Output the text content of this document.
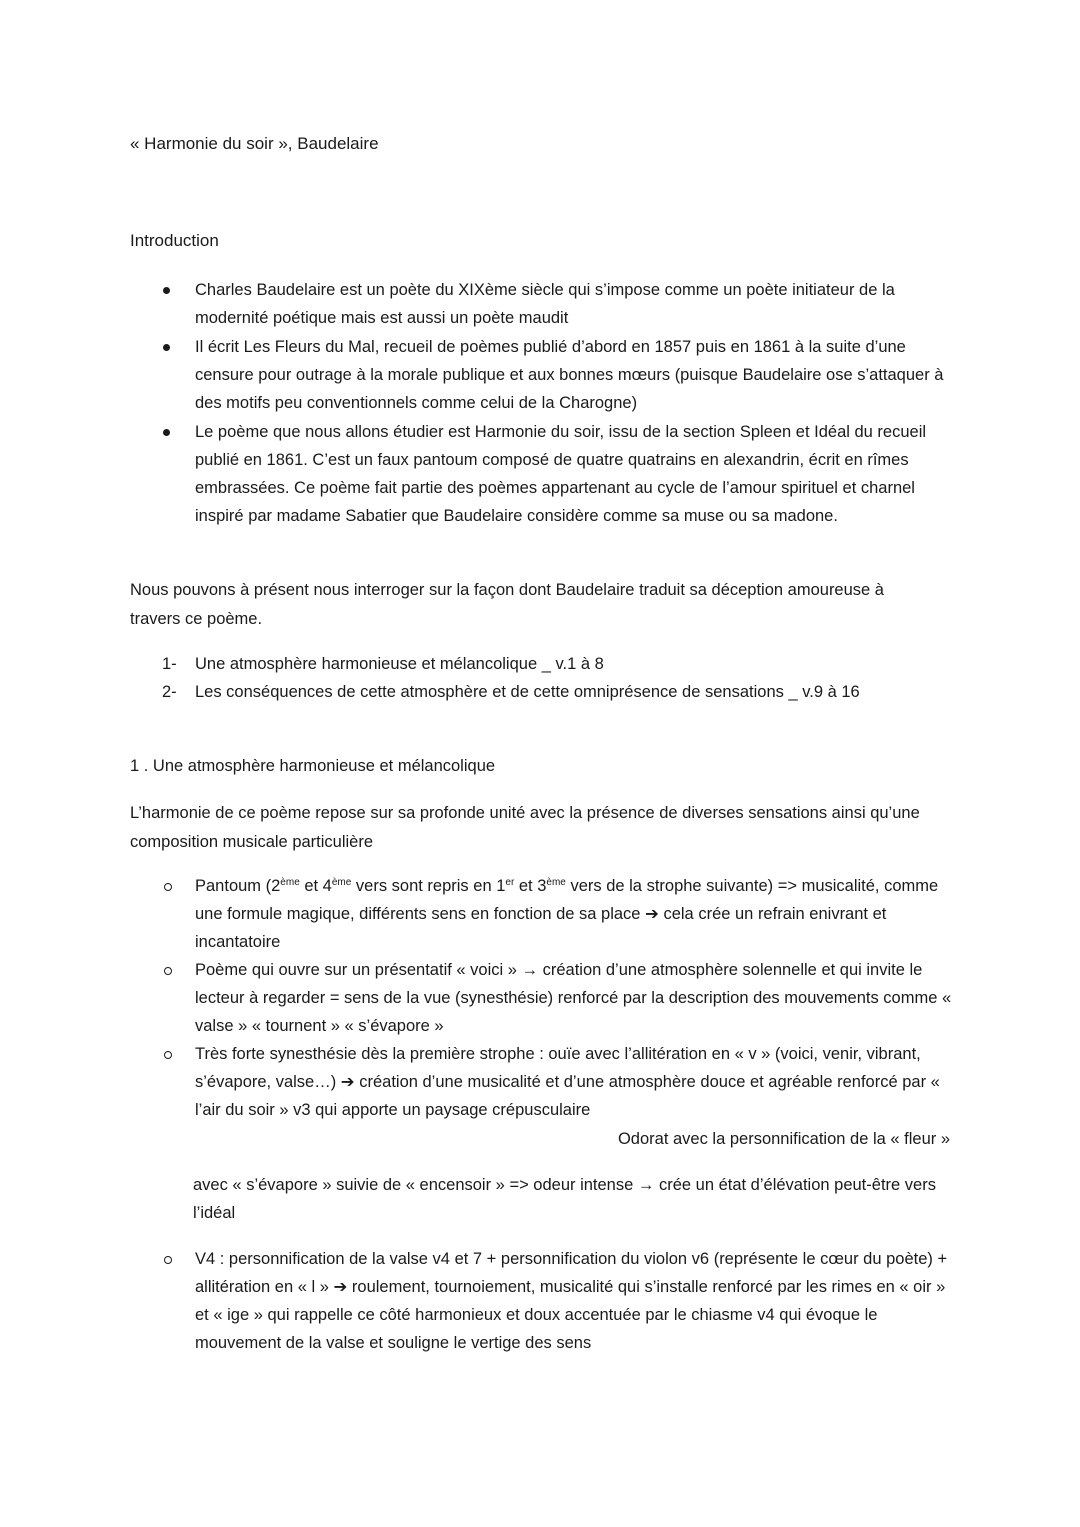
« Harmonie du soir », Baudelaire
Introduction
Charles Baudelaire est un poète du XIXème siècle qui s’impose comme un poète initiateur de la modernité poétique mais est aussi un poète maudit
Il écrit Les Fleurs du Mal, recueil de poèmes publié d’abord en 1857 puis en 1861 à la suite d’une censure pour outrage à la morale publique et aux bonnes mœurs (puisque Baudelaire ose s’attaquer à des motifs peu conventionnels comme celui de la Charogne)
Le poème que nous allons étudier est Harmonie du soir, issu de la section Spleen et Idéal du recueil publié en 1861. C’est un faux pantoum composé de quatre quatrains en alexandrin, écrit en rîmes embrassées. Ce poème fait partie des poèmes appartenant au cycle de l’amour spirituel et charnel inspiré par madame Sabatier que Baudelaire considère comme sa muse ou sa madone.
Nous pouvons à présent nous interroger sur la façon dont Baudelaire traduit sa déception amoureuse à travers ce poème.
1- Une atmosphère harmonieuse et mélancolique _ v.1 à 8
2- Les conséquences de cette atmosphère et de cette omniprésence de sensations _ v.9 à 16
1 . Une atmosphère harmonieuse et mélancolique
L’harmonie de ce poème repose sur sa profonde unité avec la présence de diverses sensations ainsi qu’une composition musicale particulière
Pantoum (2ème et 4ème vers sont repris en 1er et 3ème vers de la strophe suivante) => musicalité, comme une formule magique, différents sens en fonction de sa place ➔ cela crée un refrain enivrant et incantatoire
Poème qui ouvre sur un présentatif « voici » → création d’une atmosphère solennelle et qui invite le lecteur à regarder = sens de la vue (synesthésie) renforcé par la description des mouvements comme « valse » « tournent » « s’évapore »
Très forte synesthésie dès la première strophe : ouïe avec l’allitération en « v » (voici, venir, vibrant, s’évapore, valse…) ➔ création d’une musicalité et d’une atmosphère douce et agréable renforcé par « l’air du soir » v3 qui apporte un paysage crépusculaire
Odorat avec la personnification de la « fleur »
avec « s’évapore » suivie de « encensoir » => odeur intense → crée un état d’élévation peut-être vers l’idéal
V4 : personnification de la valse v4 et 7 + personnification du violon v6 (représente le cœur du poète) + allitération en « l » ➔ roulement, tournoiement, musicalité qui s’installe renforcé par les rimes en « oir » et « ige » qui rappelle ce côté harmonieux et doux accentuée par le chiasme v4 qui évoque le mouvement de la valse et souligne le vertige des sens
